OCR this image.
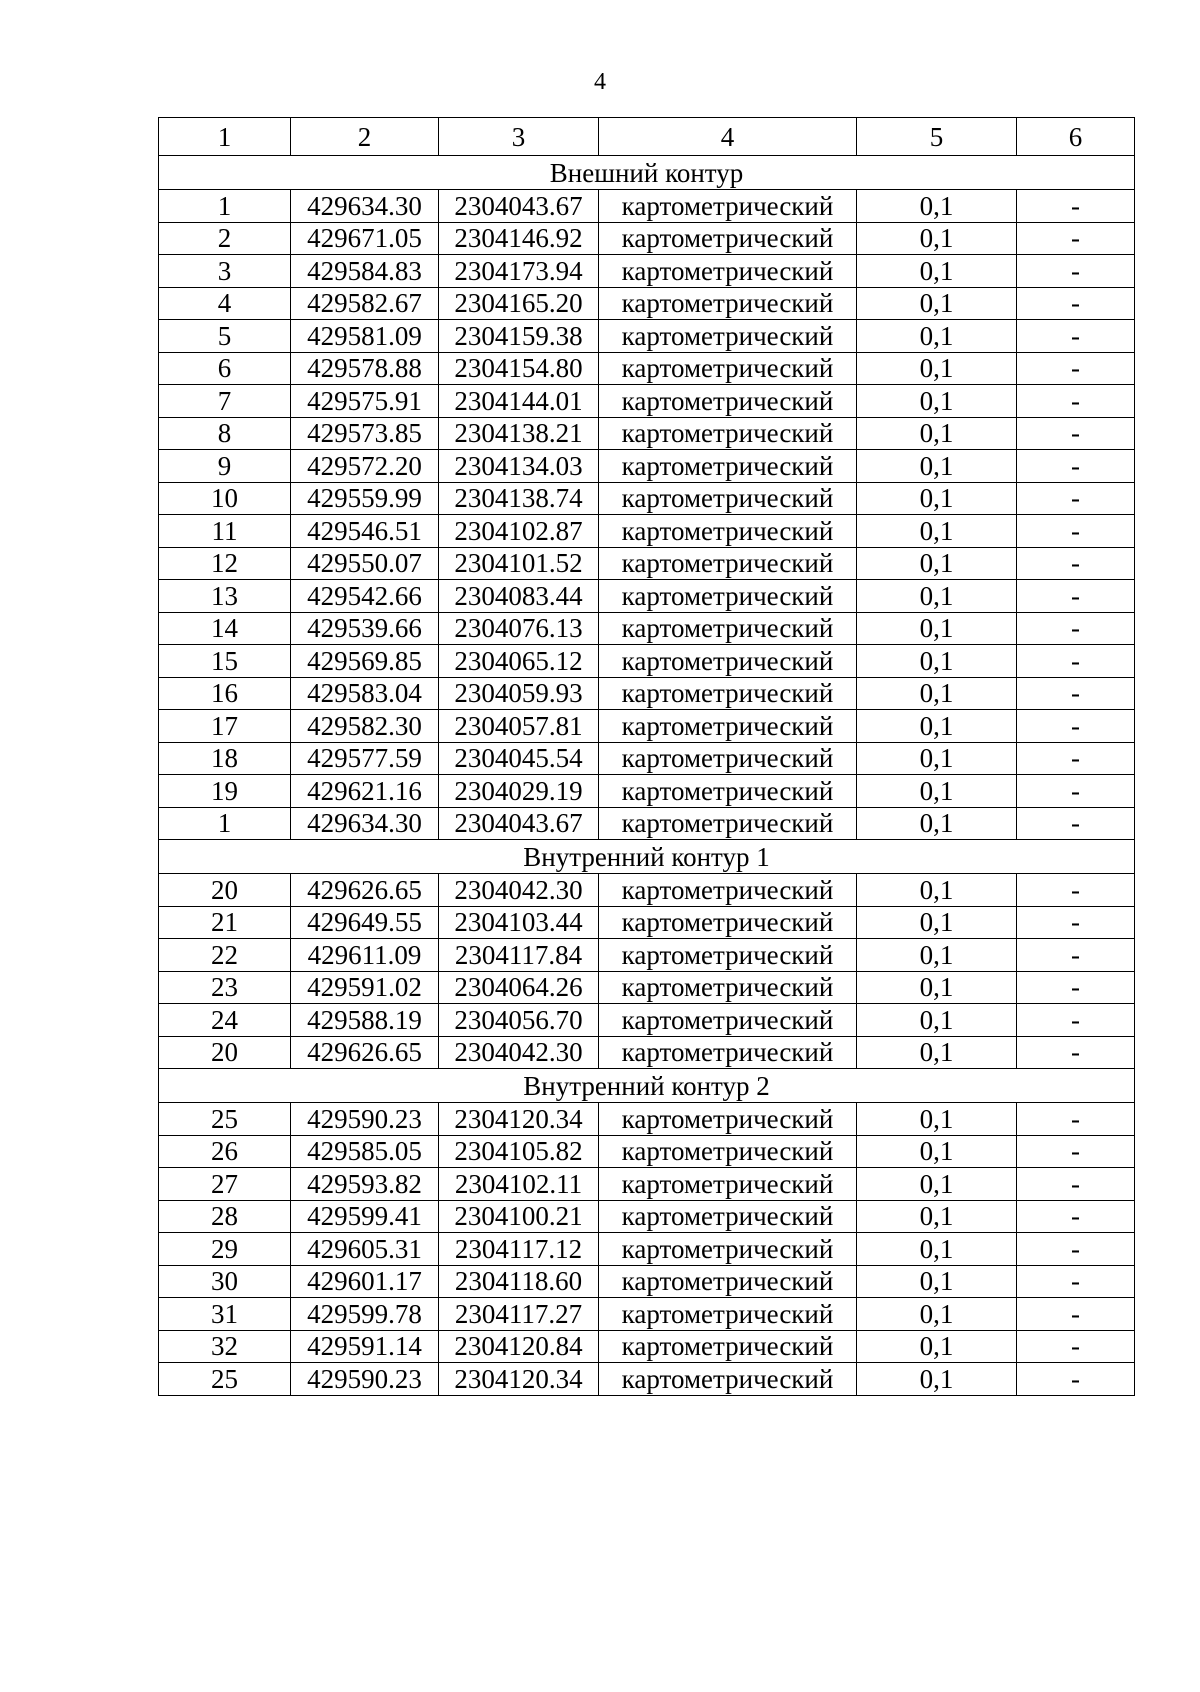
4
1	2	3	4	5	6
Внешний контур					
1	429634.30	2304043.67	картометрический	0,1	-
2	429671.05	2304146.92	картометрический	0,1	-
3	429584.83	2304173.94	картометрический	0,1	-
4	429582.67	2304165.20	картометрический	0,1	-
5	429581.09	2304159.38	картометрический	0,1	-
6	429578.88	2304154.80	картометрический	0,1	-
7	429575.91	2304144.01	картометрический	0,1	-
8	429573.85	2304138.21	картометрический	0,1	-
9	429572.20	2304134.03	картометрический	0,1	-
10	429559.99	2304138.74	картометрический	0,1	-
11	429546.51	2304102.87	картометрический	0,1	-
12	429550.07	2304101.52	картометрический	0,1	-
13	429542.66	2304083.44	картометрический	0,1	-
14	429539.66	2304076.13	картометрический	0,1	-
15	429569.85	2304065.12	картометрический	0,1	-
16	429583.04	2304059.93	картометрический	0,1	-
17	429582.30	2304057.81	картометрический	0,1	-
18	429577.59	2304045.54	картометрический	0,1	-
19	429621.16	2304029.19	картометрический	0,1	-
1	429634.30	2304043.67	картометрический	0,1	-
Внутренний контур 1					
20	429626.65	2304042.30	картометрический	0,1	-
21	429649.55	2304103.44	картометрический	0,1	-
22	429611.09	2304117.84	картометрический	0,1	-
23	429591.02	2304064.26	картометрический	0,1	-
24	429588.19	2304056.70	картометрический	0,1	-
20	429626.65	2304042.30	картометрический	0,1	-
Внутренний контур 2					
25	429590.23	2304120.34	картометрический	0,1	-
26	429585.05	2304105.82	картометрический	0,1	-
27	429593.82	2304102.11	картометрический	0,1	-
28	429599.41	2304100.21	картометрический	0,1	-
29	429605.31	2304117.12	картометрический	0,1	-
30	429601.17	2304118.60	картометрический	0,1	-
31	429599.78	2304117.27	картометрический	0,1	-
32	429591.14	2304120.84	картометрический	0,1	-
25	429590.23	2304120.34	картометрический	0,1	-
